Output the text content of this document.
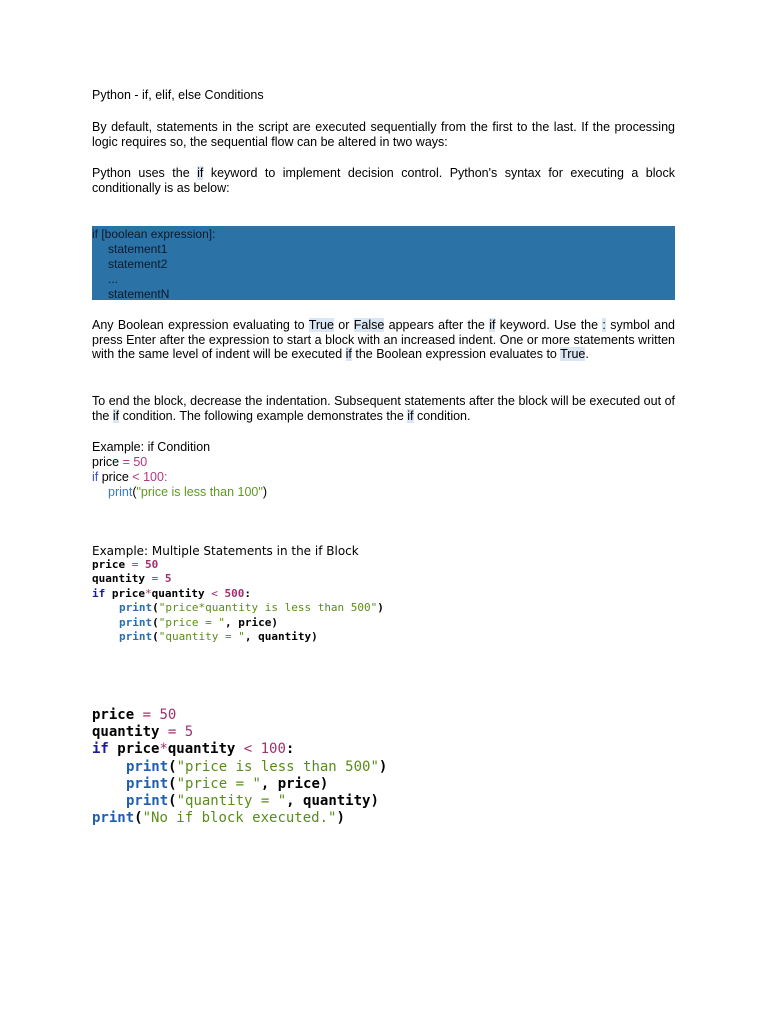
Python - if, elif, else Conditions
By default, statements in the script are executed sequentially from the first to the last. If the processing logic requires so, the sequential flow can be altered in two ways:
Python uses the if keyword to implement decision control. Python's syntax for executing a block conditionally is as below:
if [boolean expression]:
statement1
statement2
...
statementN
Any Boolean expression evaluating to True or False appears after the if keyword. Use the : symbol and press Enter after the expression to start a block with an increased indent. One or more statements written with the same level of indent will be executed if the Boolean expression evaluates to True.
To end the block, decrease the indentation. Subsequent statements after the block will be executed out of the if condition. The following example demonstrates the if condition.
Example: if Condition
price = 50
if price < 100:
print("price is less than 100")
Example: Multiple Statements in the if Block
price = 50
quantity = 5
if price*quantity < 500:
print("price*quantity is less than 500")
print("price = ", price)
print("quantity = ", quantity)
price = 50
quantity = 5
if price*quantity < 100:
print("price is less than 500")
print("price = ", price)
print("quantity = ", quantity)
print("No if block executed.")
